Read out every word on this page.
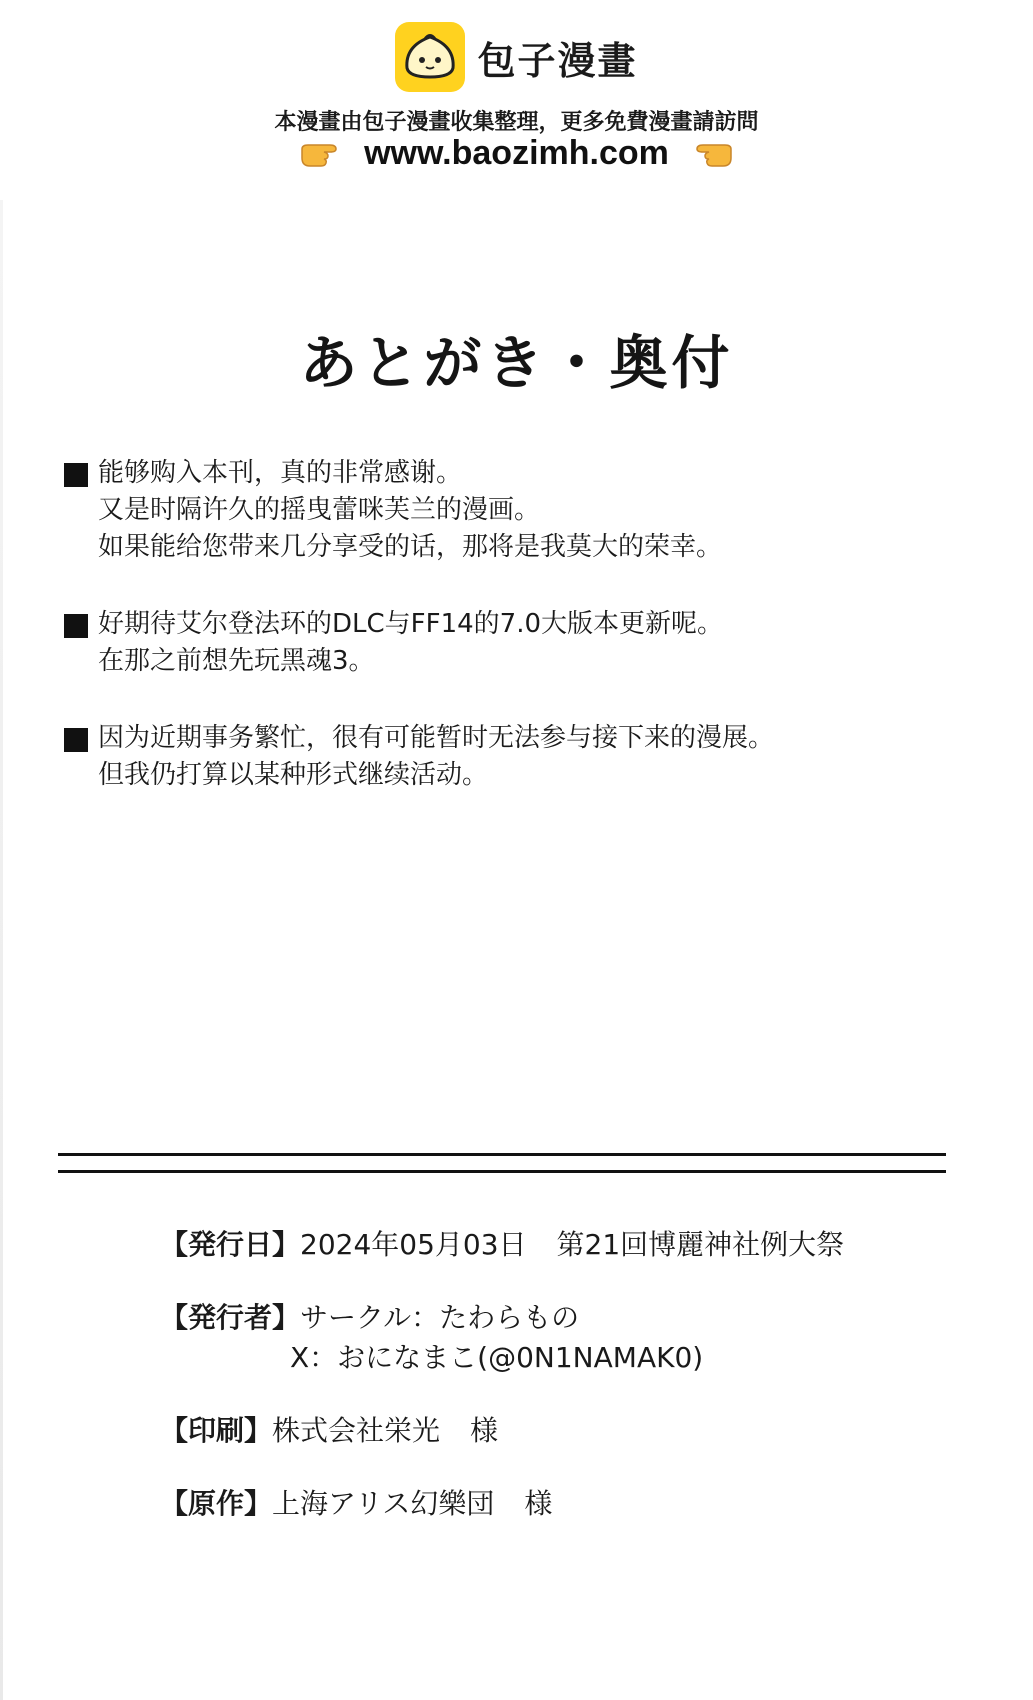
包子漫畫
本漫畫由包子漫畫收集整理，更多免費漫畫請訪問
www.baozimh.com
あとがき・奥付
能够购入本刊，真的非常感谢。
又是时隔许久的摇曳蕾咪芙兰的漫画。
如果能给您带来几分享受的话，那将是我莫大的荣幸。
好期待艾尔登法环的DLC与FF14的7.0大版本更新呢。
在那之前想先玩黑魂3。
因为近期事务繁忙，很有可能暂时无法参与接下来的漫展。
但我仍打算以某种形式继续活动。
【発行日】2024年05月03日 第21回博麗神社例大祭
【発行者】サークル：たわらもの
X：おになまこ(@0N1NAMAK0)
【印刷】株式会社栄光 様
【原作】上海アリス幻樂団 様
